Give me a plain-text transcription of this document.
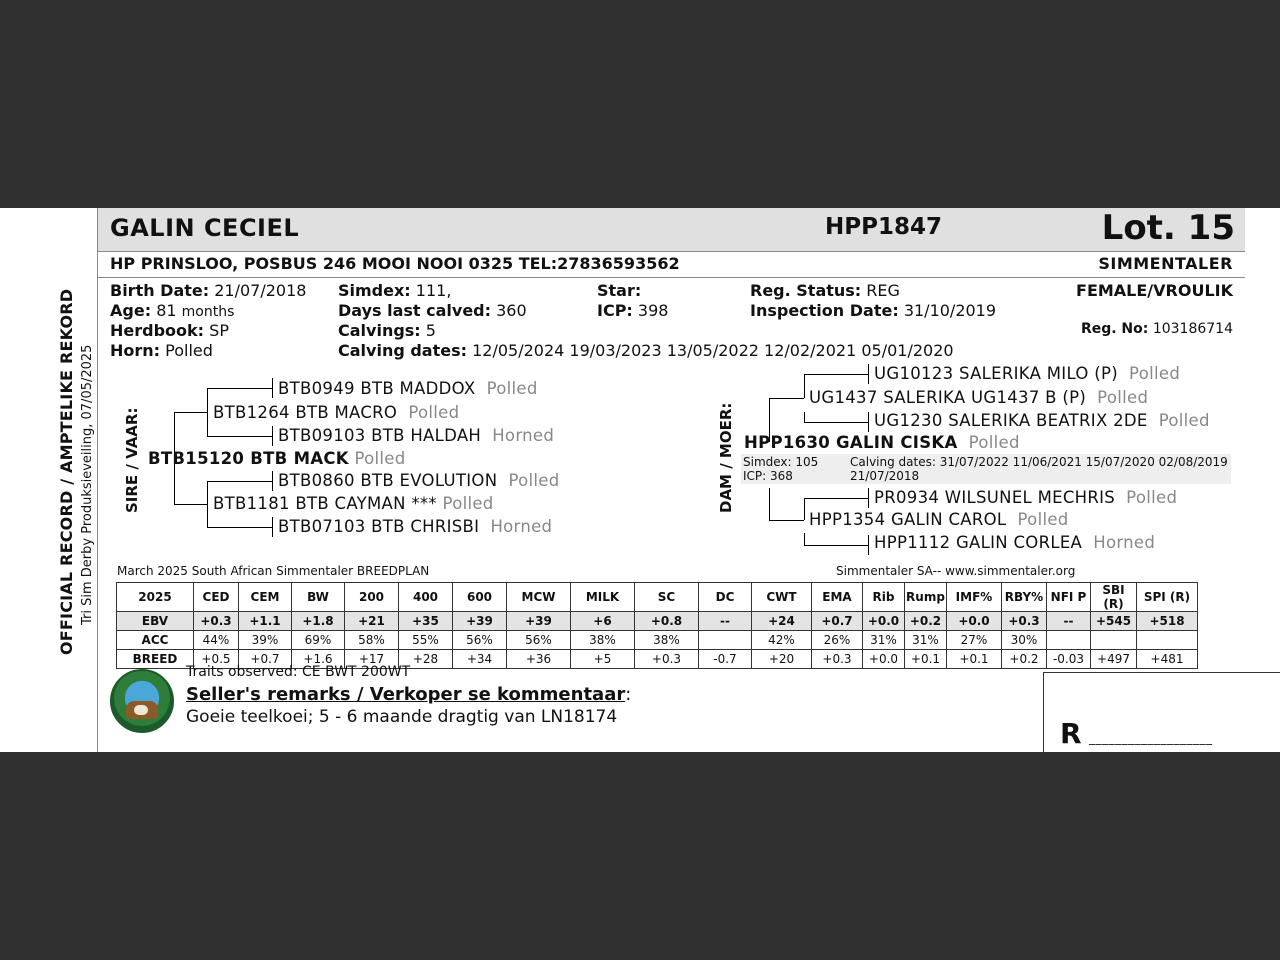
OFFICIAL RECORD / AMPTELIKE REKORD Tri Sim Derby Produksieveiling, 07/05/2025
GALIN CECIEL	HPP1847	Lot. 15
HP PRINSLOO, POSBUS 246 MOOI NOOI 0325 TEL:27836593562	SIMMENTALER
Birth Date: 21/07/2018
Age: 81 months
Herdbook: SP
Horn: Polled
Simdex: 111,
Days last calved: 360
Calvings: 5
Calving dates: 12/05/2024 19/03/2023 13/05/2022 12/02/2021 05/01/2020
Star:
ICP: 398
Reg. Status: REG
Inspection Date: 31/10/2019
FEMALE/VROULIK
Reg. No: 103186714
SIRE / VAAR:
BTB0949 BTB MADDOX Polled
BTB1264 BTB MACRO Polled
BTB09103 BTB HALDAH Horned
BTB15120 BTB MACK Polled
BTB0860 BTB EVOLUTION Polled
BTB1181 BTB CAYMAN *** Polled
BTB07103 BTB CHRISBI Horned
DAM / MOER:
UG10123 SALERIKA MILO (P) Polled
UG1437 SALERIKA UG1437 B (P) Polled
UG1230 SALERIKA BEATRIX 2DE Polled
HPP1630 GALIN CISKA Polled
Simdex: 105
ICP: 368
Calving dates: 31/07/2022 11/06/2021 15/07/2020 02/08/2019
21/07/2018
PR0934 WILSUNEL MECHRIS Polled
HPP1354 GALIN CAROL Polled
HPP1112 GALIN CORLEA Horned
March 2025 South African Simmentaler BREEDPLAN	Simmentaler SA-- www.simmentaler.org
2025	CED	CEM	BW	200	400	600	MCW	MILK	SC	DC	CWT	EMA	Rib	Rump	IMF%	RBY%	NFI P	SBI (R)	SPI (R)
EBV	+0.3	+1.1	+1.8	+21	+35	+39	+39	+6	+0.8	--	+24	+0.7	+0.0	+0.2	+0.0	+0.3	--	+545	+518
ACC	44%	39%	69%	58%	55%	56%	56%	38%	38%		42%	26%	31%	31%	27%	30%			
BREED	+0.5	+0.7	+1.6	+17	+28	+34	+36	+5	+0.3	-0.7	+20	+0.3	+0.0	+0.1	+0.1	+0.2	-0.03	+497	+481
Traits observed: CE BWT 200WT
Seller's remarks / Verkoper se kommentaar:
Goeie teelkoei; 5 - 6 maande dragtig van LN18174	R ___________________
